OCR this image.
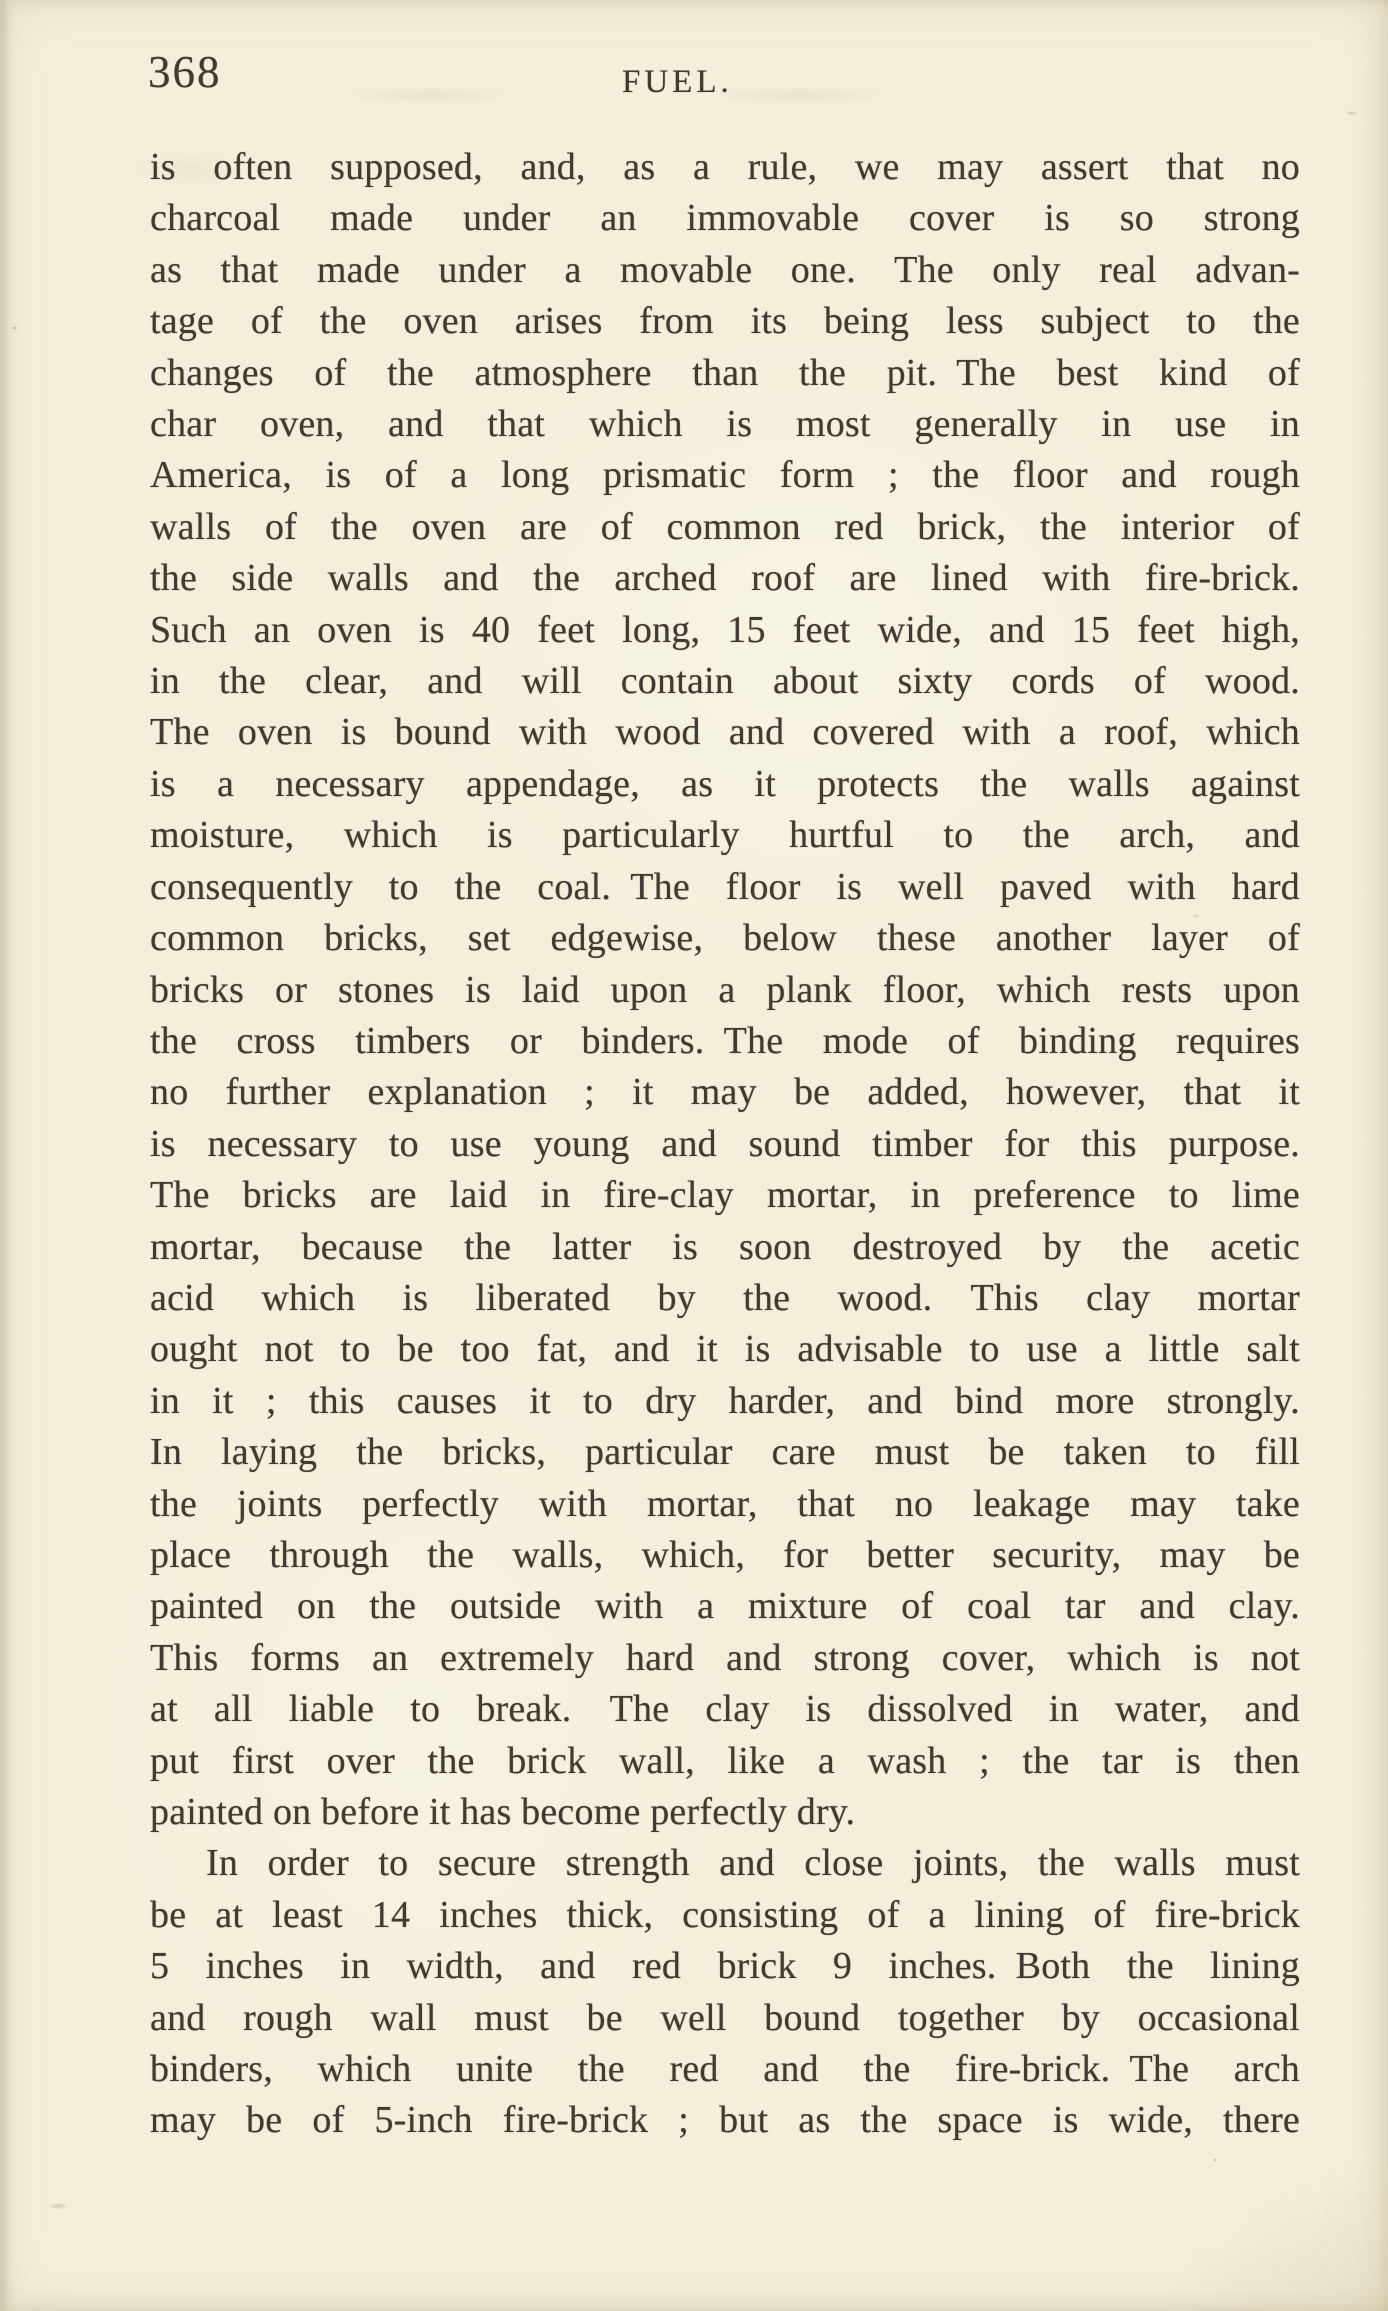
368	FUEL.
is often supposed, and, as a rule, we may assert that no
charcoal made under an immovable cover is so strong
as that made under a movable one. The only real advan-
tage of the oven arises from its being less subject to the
changes of the atmosphere than the pit. The best kind of
char oven, and that which is most generally in use in
America, is of a long prismatic form ; the floor and rough
walls of the oven are of common red brick, the interior of
the side walls and the arched roof are lined with fire-brick.
Such an oven is 40 feet long, 15 feet wide, and 15 feet high,
in the clear, and will contain about sixty cords of wood.
The oven is bound with wood and covered with a roof, which
is a necessary appendage, as it protects the walls against
moisture, which is particularly hurtful to the arch, and
consequently to the coal. The floor is well paved with hard
common bricks, set edgewise, below these another layer of
bricks or stones is laid upon a plank floor, which rests upon
the cross timbers or binders. The mode of binding requires
no further explanation ; it may be added, however, that it
is necessary to use young and sound timber for this purpose.
The bricks are laid in fire-clay mortar, in preference to lime
mortar, because the latter is soon destroyed by the acetic
acid which is liberated by the wood. This clay mortar
ought not to be too fat, and it is advisable to use a little salt
in it ; this causes it to dry harder, and bind more strongly.
In laying the bricks, particular care must be taken to fill
the joints perfectly with mortar, that no leakage may take
place through the walls, which, for better security, may be
painted on the outside with a mixture of coal tar and clay.
This forms an extremely hard and strong cover, which is not
at all liable to break. The clay is dissolved in water, and
put first over the brick wall, like a wash ; the tar is then
painted on before it has become perfectly dry.
In order to secure strength and close joints, the walls must
be at least 14 inches thick, consisting of a lining of fire-brick
5 inches in width, and red brick 9 inches. Both the lining
and rough wall must be well bound together by occasional
binders, which unite the red and the fire-brick. The arch
may be of 5-inch fire-brick ; but as the space is wide, there
